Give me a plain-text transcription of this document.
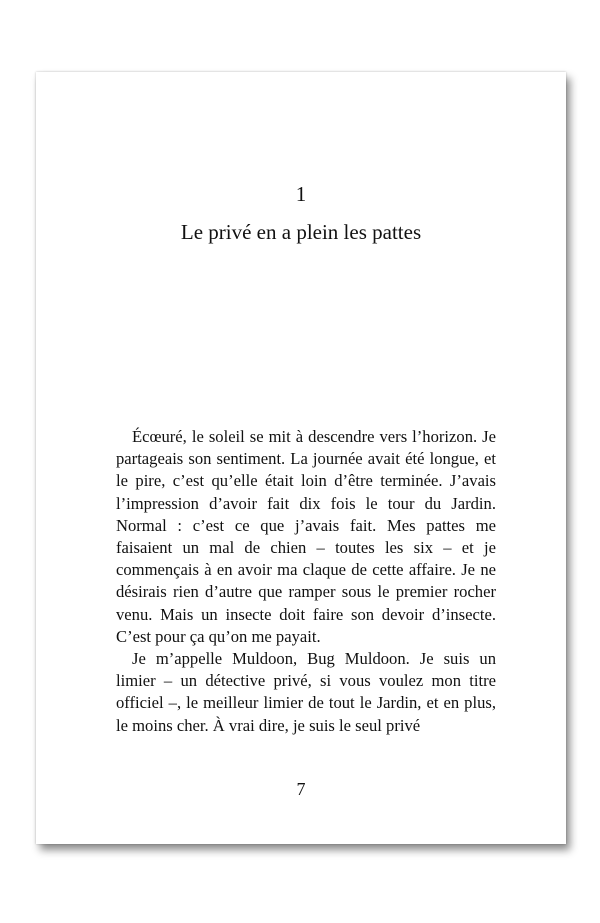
1
Le privé en a plein les pattes

Écœuré, le soleil se mit à descendre vers l’horizon. Je partageais son sentiment. La journée avait été longue, et le pire, c’est qu’elle était loin d’être terminée. J’avais l’impression d’avoir fait dix fois le tour du Jardin. Normal : c’est ce que j’avais fait. Mes pattes me faisaient un mal de chien – toutes les six – et je commençais à en avoir ma claque de cette affaire. Je ne désirais rien d’autre que ramper sous le premier rocher venu. Mais un insecte doit faire son devoir d’insecte. C’est pour ça qu’on me payait.

Je m’appelle Muldoon, Bug Muldoon. Je suis un limier – un détective privé, si vous voulez mon titre officiel –, le meilleur limier de tout le Jardin, et en plus, le moins cher. À vrai dire, je suis le seul privé

7
